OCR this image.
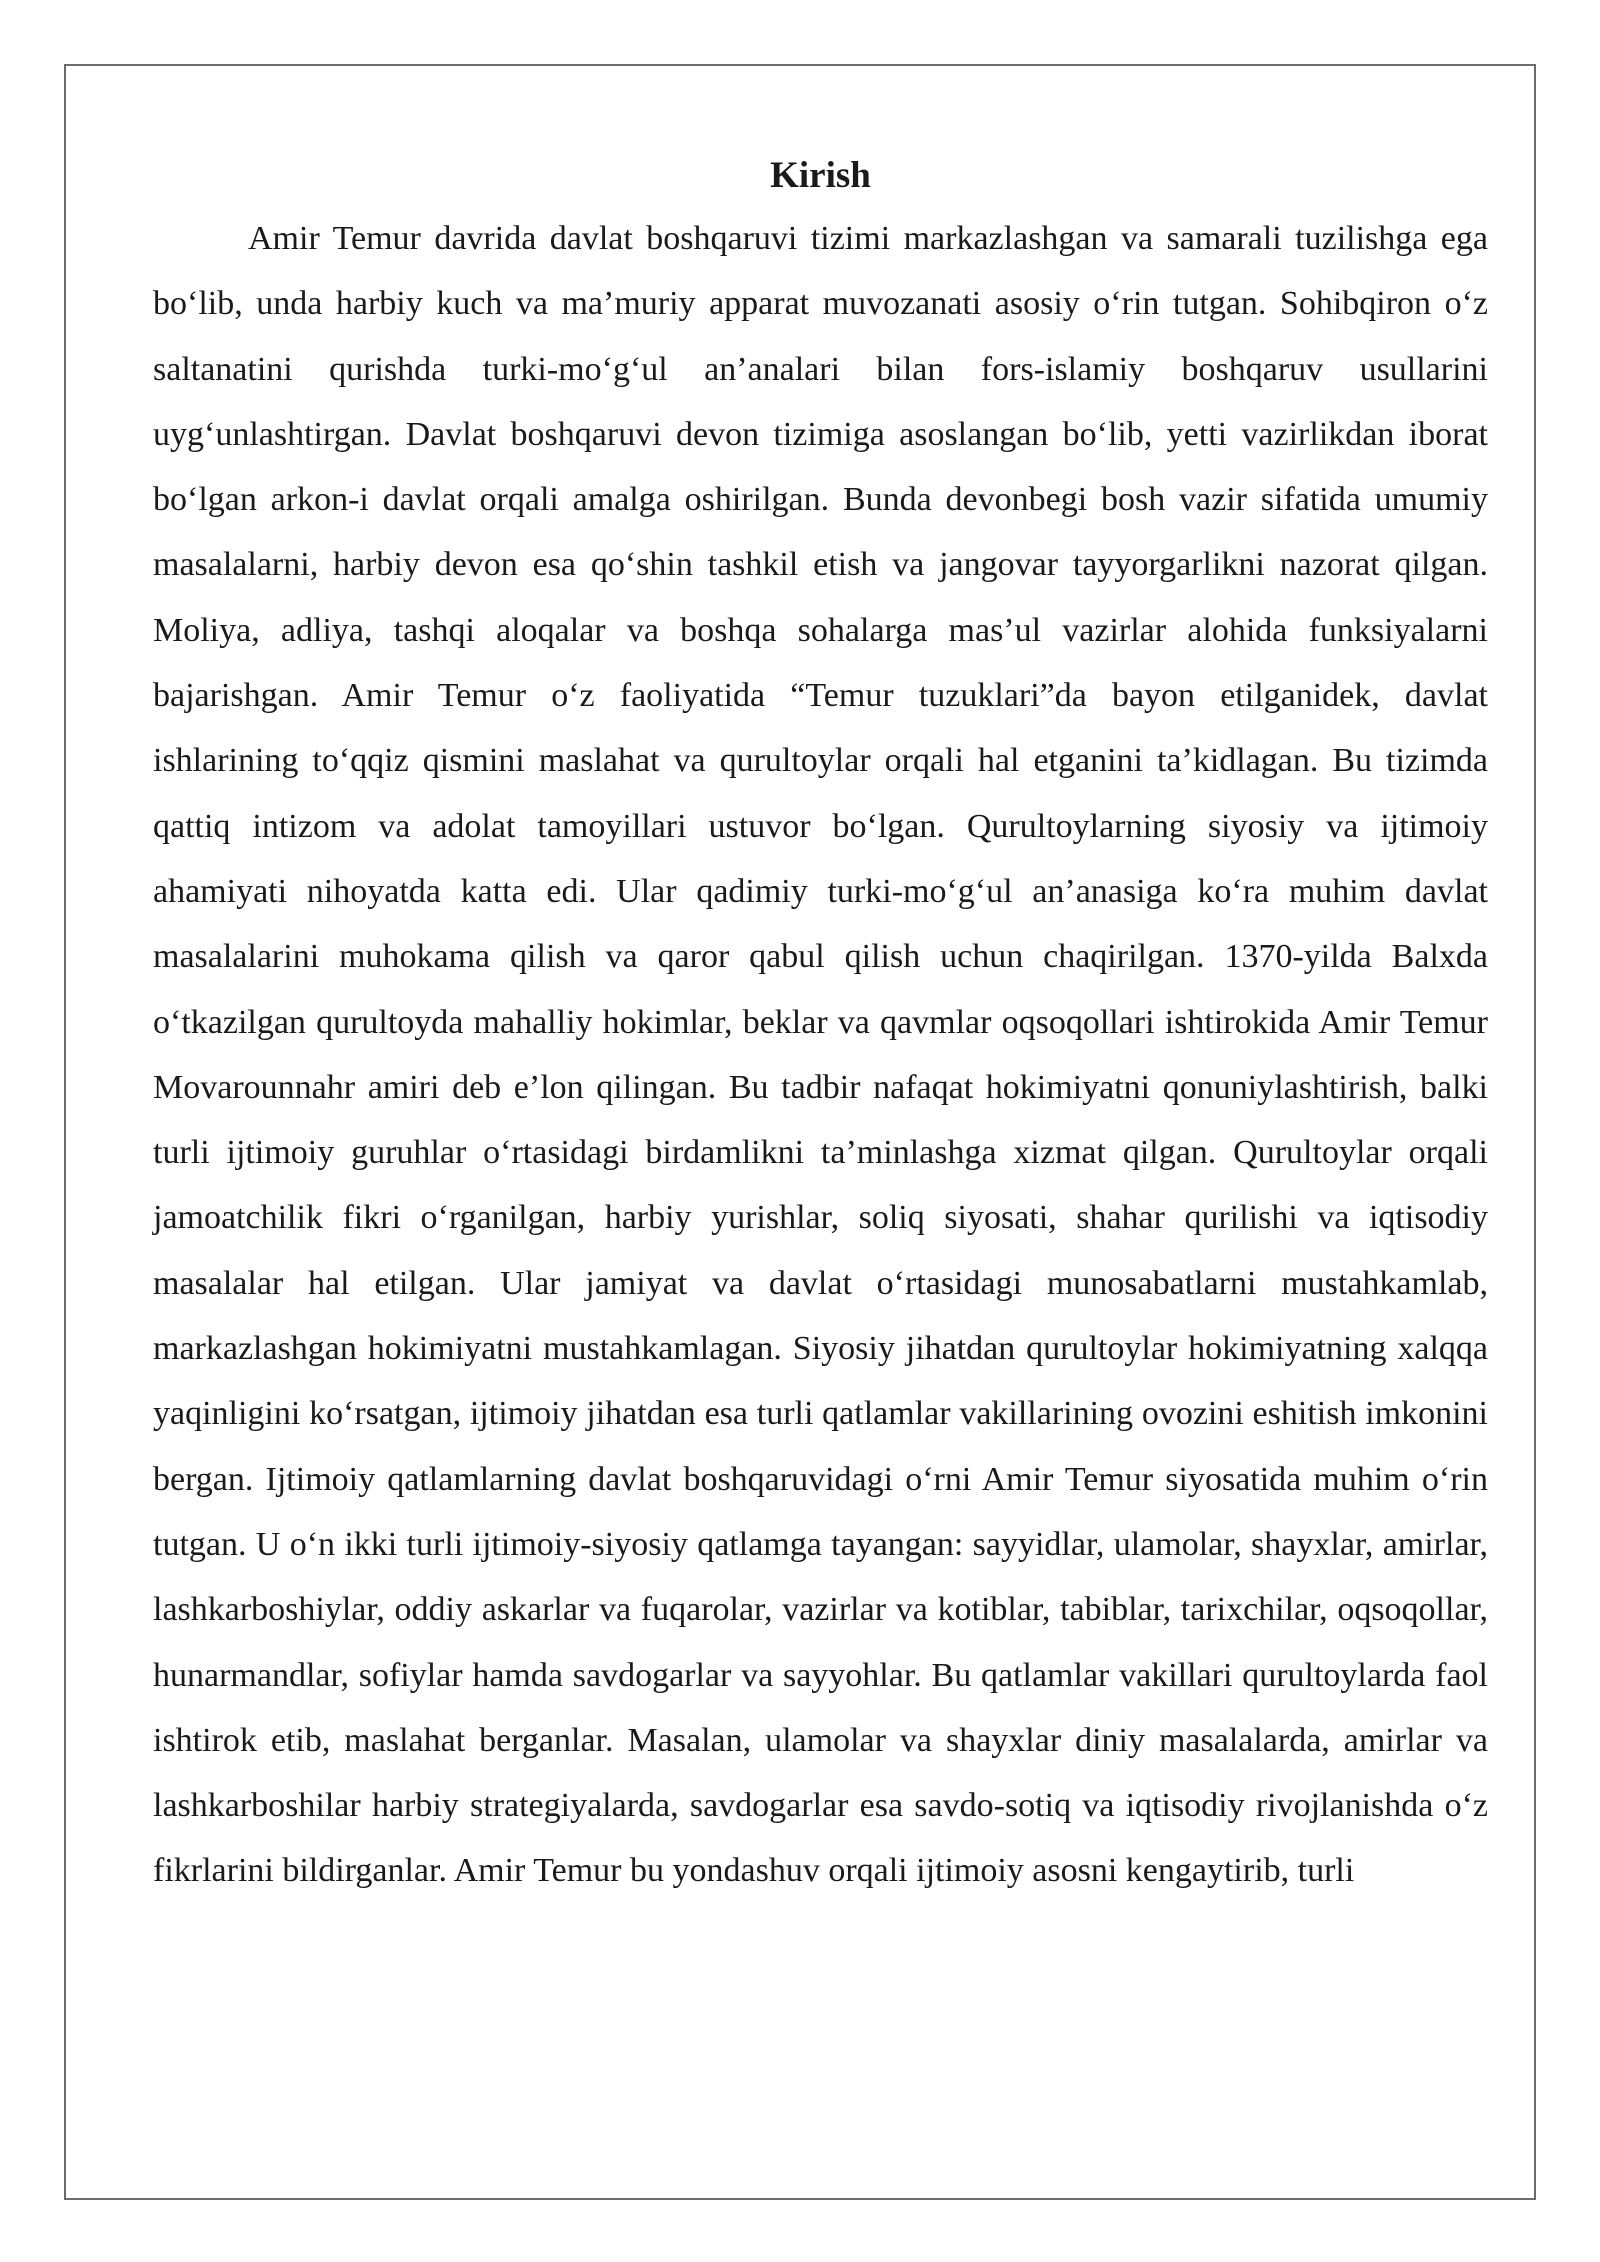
Kirish

Amir Temur davrida davlat boshqaruvi tizimi markazlashgan va samarali tuzilishga ega bo‘lib, unda harbiy kuch va ma’muriy apparat muvozanati asosiy o‘rin tutgan. Sohibqiron o‘z saltanatini qurishda turki-mo‘g‘ul an’analari bilan fors-islamiy boshqaruv usullarini uyg‘unlashtirgan. Davlat boshqaruvi devon tizimiga asoslangan bo‘lib, yetti vazirlikdan iborat bo‘lgan arkon-i davlat orqali amalga oshirilgan. Bunda devonbegi bosh vazir sifatida umumiy masalalarni, harbiy devon esa qo‘shin tashkil etish va jangovar tayyorgarlikni nazorat qilgan. Moliya, adliya, tashqi aloqalar va boshqa sohalarga mas’ul vazirlar alohida funksiyalarni bajarishgan. Amir Temur o‘z faoliyatida “Temur tuzuklari”da bayon etilganidek, davlat ishlarining to‘qqiz qismini maslahat va qurultoylar orqali hal etganini ta’kidlagan. Bu tizimda qattiq intizom va adolat tamoyillari ustuvor bo‘lgan. Qurultoylarning siyosiy va ijtimoiy ahamiyati nihoyatda katta edi. Ular qadimiy turki-mo‘g‘ul an’anasiga ko‘ra muhim davlat masalalarini muhokama qilish va qaror qabul qilish uchun chaqirilgan. 1370-yilda Balxda o‘tkazilgan qurultoyda mahalliy hokimlar, beklar va qavmlar oqsoqollari ishtirokida Amir Temur Movarounnahr amiri deb e’lon qilingan. Bu tadbir nafaqat hokimiyatni qonuniylashtirish, balki turli ijtimoiy guruhlar o‘rtasidagi birdamlikni ta’minlashga xizmat qilgan. Qurultoylar orqali jamoatchilik fikri o‘rganilgan, harbiy yurishlar, soliq siyosati, shahar qurilishi va iqtisodiy masalalar hal etilgan. Ular jamiyat va davlat o‘rtasidagi munosabatlarni mustahkamlab, markazlashgan hokimiyatni mustahkamlagan. Siyosiy jihatdan qurultoylar hokimiyatning xalqqa yaqinligini ko‘rsatgan, ijtimoiy jihatdan esa turli qatlamlar vakillarining ovozini eshitish imkonini bergan. Ijtimoiy qatlamlarning davlat boshqaruvidagi o‘rni Amir Temur siyosatida muhim o‘rin tutgan. U o‘n ikki turli ijtimoiy-siyosiy qatlamga tayangan: sayyidlar, ulamolar, shayxlar, amirlar, lashkarboshiylar, oddiy askarlar va fuqarolar, vazirlar va kotiblar, tabiblar, tarixchilar, oqsoqollar, hunarmandlar, sofiylar hamda savdogarlar va sayyohlar. Bu qatlamlar vakillari qurultoylarda faol ishtirok etib, maslahat berganlar. Masalan, ulamolar va shayxlar diniy masalalarda, amirlar va lashkarboshilar harbiy strategiyalarda, savdogarlar esa savdo-sotiq va iqtisodiy rivojlanishda o‘z fikrlarini bildirganlar. Amir Temur bu yondashuv orqali ijtimoiy asosni kengaytirib, turli
